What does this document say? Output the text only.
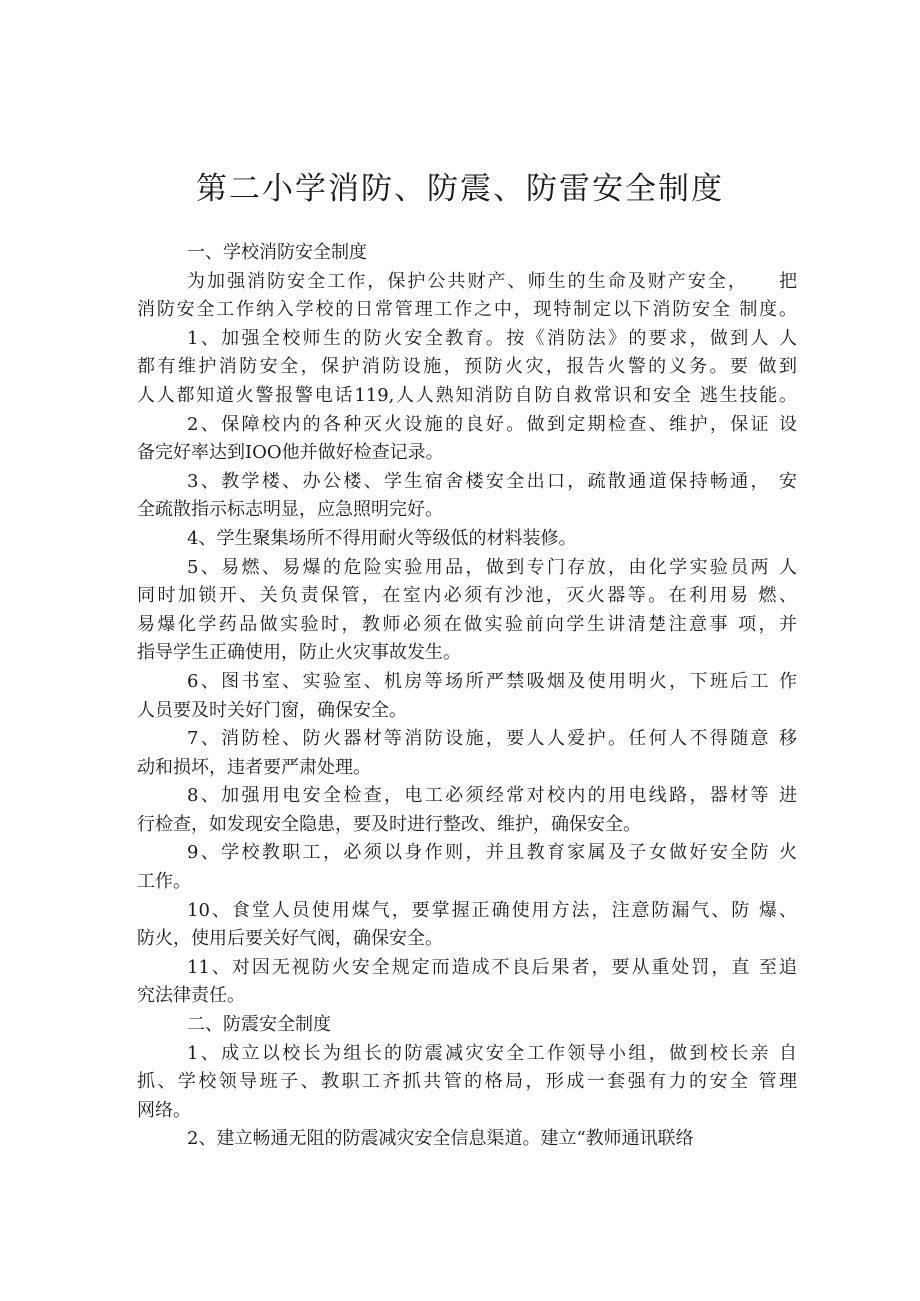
第二小学消防、防震、防雷安全制度
一、学校消防安全制度
为加强消防安全工作，保护公共财产、师生的生命及财产安全，　　把
消防安全工作纳入学校的日常管理工作之中，现特制定以下消防安全 制度。
1、加强全校师生的防火安全教育。按《消防法》的要求，做到人 人
都有维护消防安全，保护消防设施，预防火灾，报告火警的义务。要 做到
人人都知道火警报警电话119,人人熟知消防自防自救常识和安全 逃生技能。
2、保障校内的各种灭火设施的良好。做到定期检查、维护，保证 设
备完好率达到IOO他并做好检查记录。
3、教学楼、办公楼、学生宿舍楼安全出口，疏散通道保持畅通， 安
全疏散指示标志明显，应急照明完好。
4、学生聚集场所不得用耐火等级低的材料装修。
5、易燃、易爆的危险实验用品，做到专门存放，由化学实验员两 人
同时加锁开、关负责保管，在室内必须有沙池，灭火器等。在利用易 燃、
易爆化学药品做实验时，教师必须在做实验前向学生讲清楚注意事 项，并
指导学生正确使用，防止火灾事故发生。
6、图书室、实验室、机房等场所严禁吸烟及使用明火，下班后工 作
人员要及时关好门窗，确保安全。
7、消防栓、防火器材等消防设施，要人人爱护。任何人不得随意 移
动和损坏，违者要严肃处理。
8、加强用电安全检查，电工必须经常对校内的用电线路，器材等 进
行检查，如发现安全隐患，要及时进行整改、维护，确保安全。
9、学校教职工，必须以身作则，并且教育家属及子女做好安全防 火
工作。
10、食堂人员使用煤气，要掌握正确使用方法，注意防漏气、防 爆、
防火，使用后要关好气阀，确保安全。
11、对因无视防火安全规定而造成不良后果者，要从重处罚，直 至追
究法律责任。
二、防震安全制度
1、成立以校长为组长的防震减灾安全工作领导小组，做到校长亲 自
抓、学校领导班子、教职工齐抓共管的格局，形成一套强有力的安全 管理
网络。
2、建立畅通无阻的防震减灾安全信息渠道。建立“教师通讯联络
